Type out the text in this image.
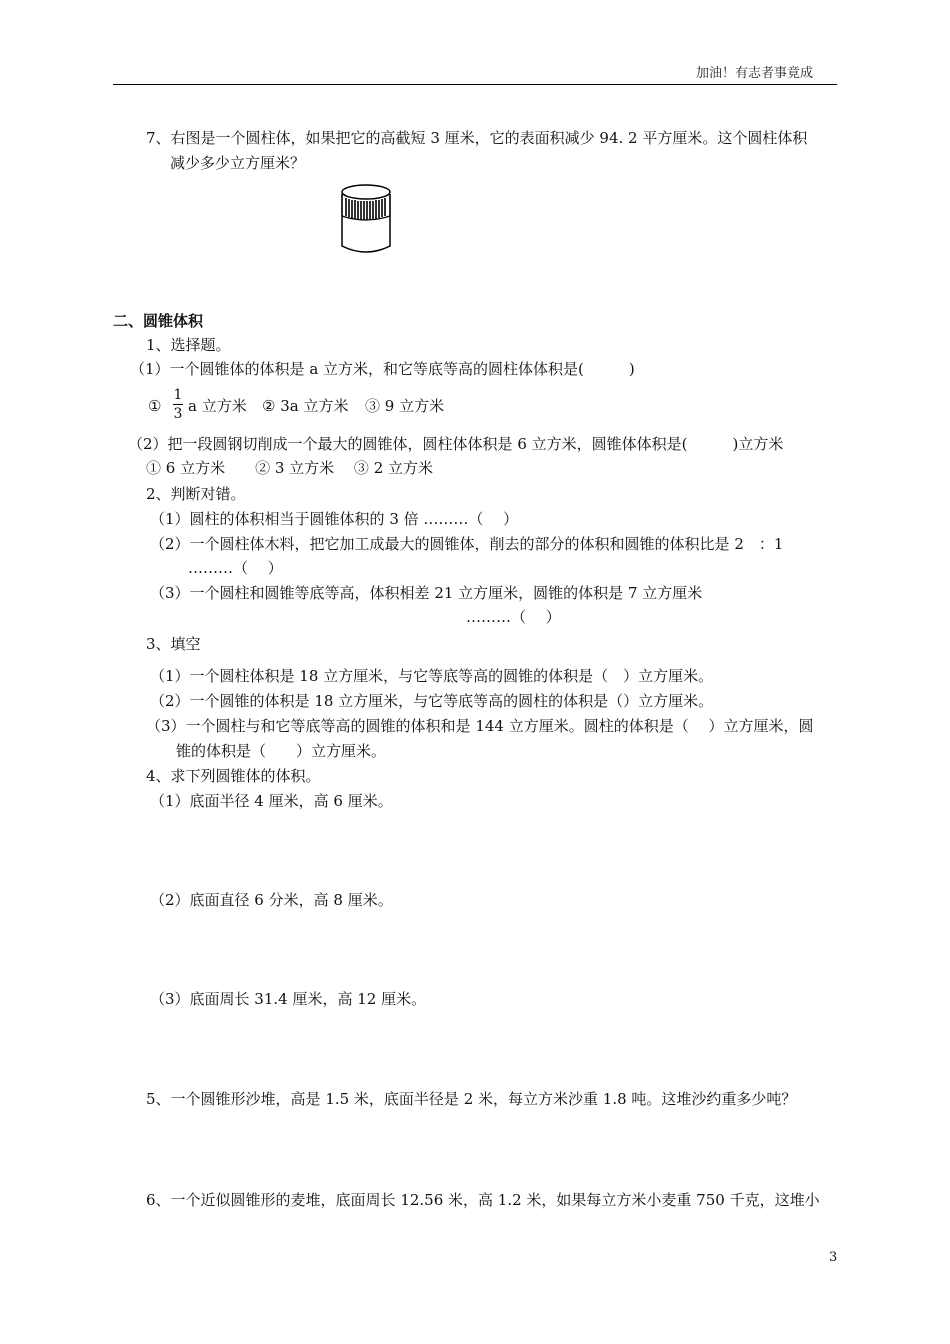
加油！有志者事竟成
7、右图是一个圆柱体，如果把它的高截短 3 厘米，它的表面积减少 94. 2 平方厘米。这个圆柱体积
减少多少立方厘米？
二、圆锥体积
1、选择题。
（1）一个圆锥体的体积是 a 立方米，和它等底等高的圆柱体体积是(　　　)
①
1
3 a 立方米 ② 3a 立方米 ③ 9 立方米
（2）把一段圆钢切削成一个最大的圆锥体，圆柱体体积是 6 立方米，圆锥体体积是(　　　)立方米
① 6 立方米　　② 3 立方米　 ③ 2 立方米
2、判断对错。
（1）圆柱的体积相当于圆锥体积的 3 倍 ………（　 ）
（2）一个圆柱体木料，把它加工成最大的圆锥体，削去的部分的体积和圆锥的体积比是 2　：1
………（　 ）
（3）一个圆柱和圆锥等底等高，体积相差 21 立方厘米，圆锥的体积是 7 立方厘米
………（　 ）
3、填空
（1）一个圆柱体积是 18 立方厘米，与它等底等高的圆锥的体积是（　）立方厘米。
（2）一个圆锥的体积是 18 立方厘米，与它等底等高的圆柱的体积是（）立方厘米。
（3）一个圆柱与和它等底等高的圆锥的体积和是 144 立方厘米。圆柱的体积是（　 ）立方厘米，圆
锥的体积是（　　）立方厘米。
4、求下列圆锥体的体积。
（1）底面半径 4 厘米，高 6 厘米。
（2）底面直径 6 分米，高 8 厘米。
（3）底面周长 31.4 厘米，高 12 厘米。
5、一个圆锥形沙堆，高是 1.5 米，底面半径是 2 米，每立方米沙重 1.8 吨。这堆沙约重多少吨？
6、一个近似圆锥形的麦堆，底面周长 12.56 米，高 1.2 米，如果每立方米小麦重 750 千克，这堆小
3
